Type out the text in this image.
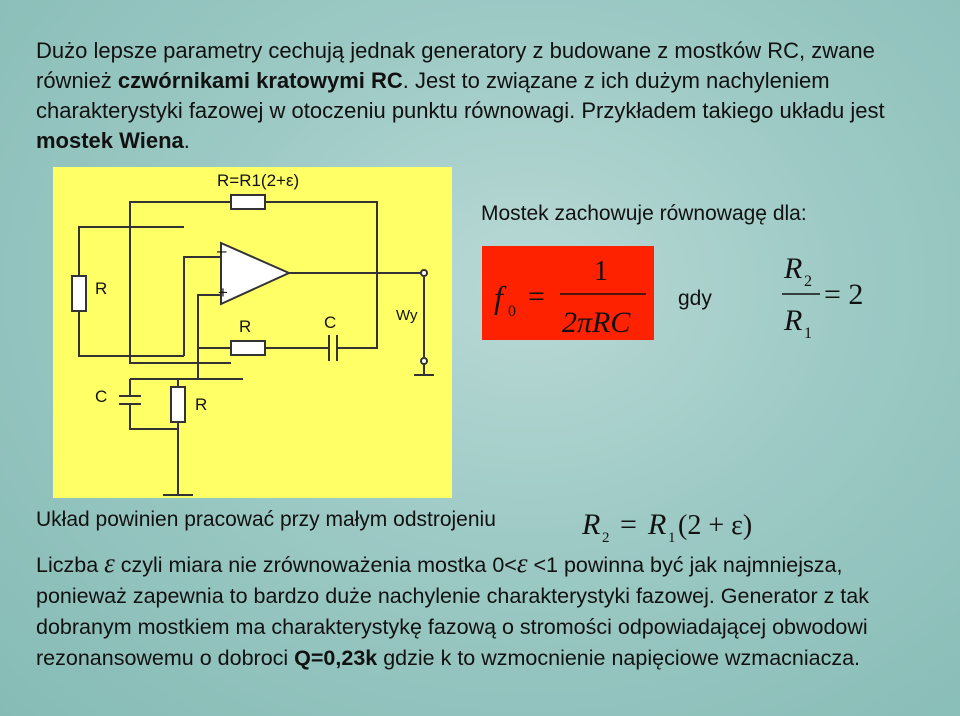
Dużo lepsze parametry cechują jednak generatory z budowane z mostków RC, zwane również czwórnikami kratowymi RC. Jest to związane z ich dużym nachyleniem charakterystyki fazowej w otoczeniu punktu równowagi. Przykładem takiego układu jest mostek Wiena.
R=R1(2+ε)
R
–
+
R	C	Wy
C	R
Mostek zachowuje równowagę dla:
f 0 =
1
2πRC
gdy
R 2
R 1
= 2
Układ powinien pracować przy małym odstrojeniu	R 2 = R 1 (2 + ε)
Liczba ε czyli miara nie zrównoważenia mostka 0<ε <1 powinna być jak najmniejsza, ponieważ zapewnia to bardzo duże nachylenie charakterystyki fazowej. Generator z tak dobranym mostkiem ma charakterystykę fazową o stromości odpowiadającej obwodowi rezonansowemu o dobroci Q=0,23k gdzie k to wzmocnienie napięciowe wzmacniacza.
